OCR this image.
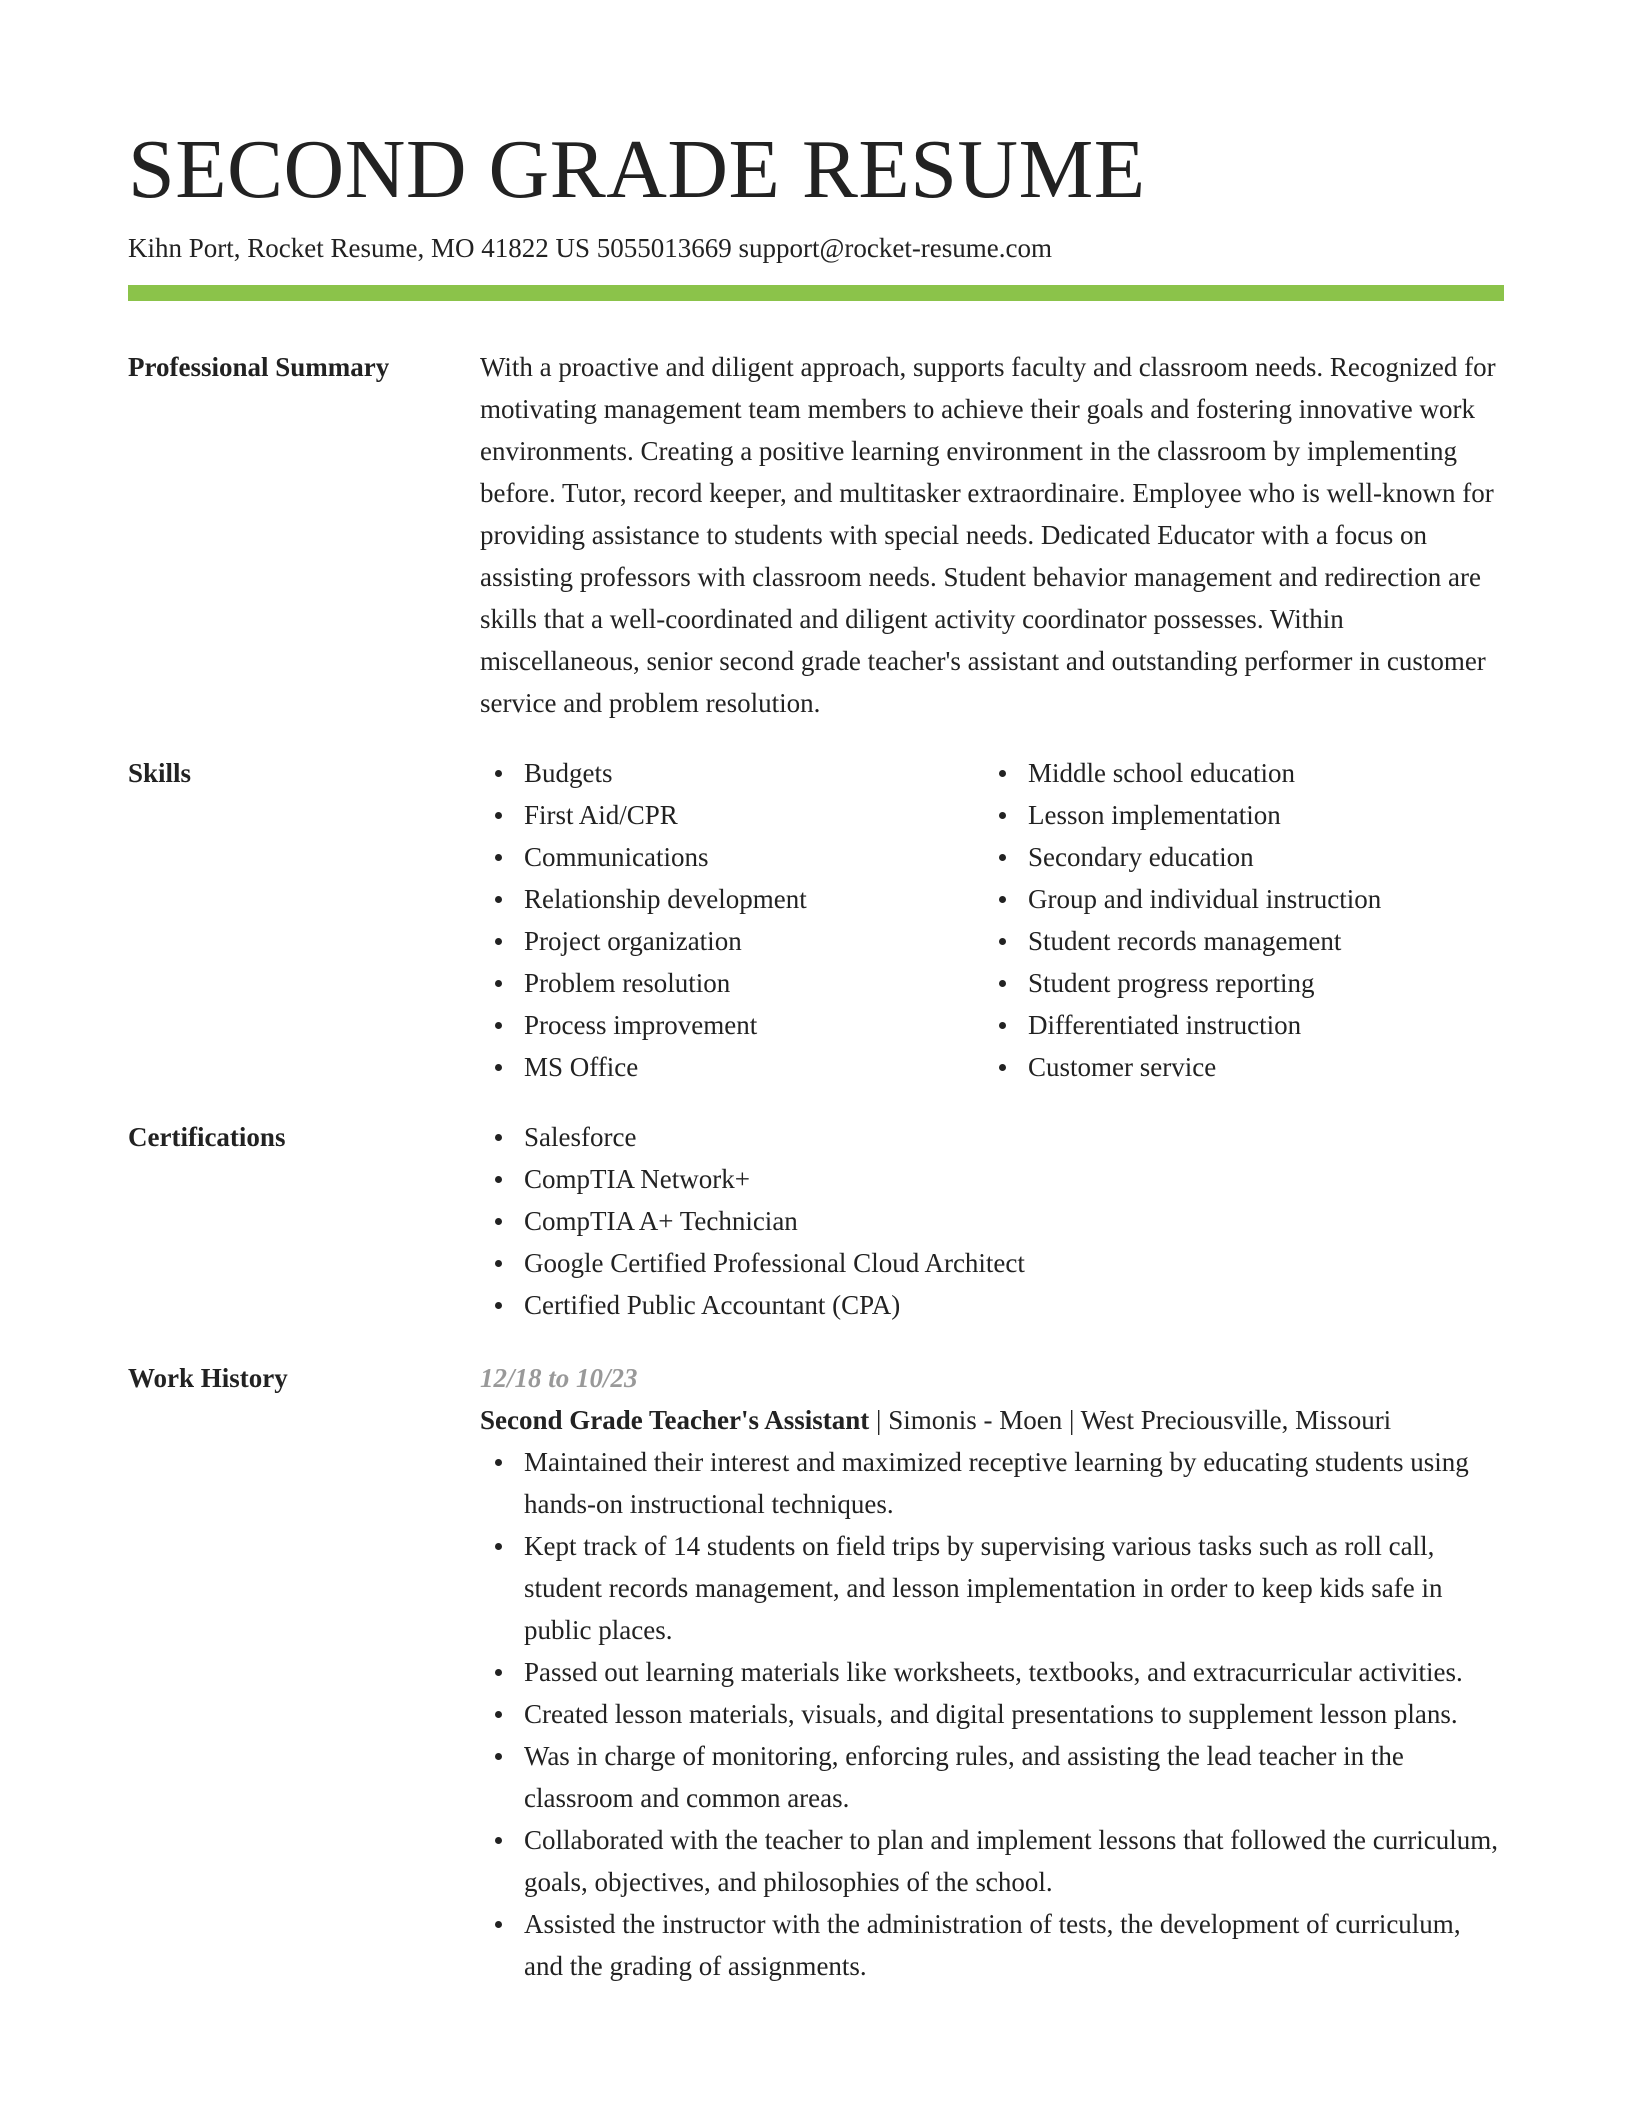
SECOND GRADE RESUME
Kihn Port, Rocket Resume, MO 41822 US 5055013669 support@rocket-resume.com
Professional Summary	With a proactive and diligent approach, supports faculty and classroom needs. Recognized for motivating management team members to achieve their goals and fostering innovative work environments. Creating a positive learning environment in the classroom by implementing before. Tutor, record keeper, and multitasker extraordinaire. Employee who is well-known for providing assistance to students with special needs. Dedicated Educator with a focus on assisting professors with classroom needs. Student behavior management and redirection are skills that a well-coordinated and diligent activity coordinator possesses. Within miscellaneous, senior second grade teacher's assistant and outstanding performer in customer service and problem resolution.

Skills	Budgets
First Aid/CPR
Communications
Relationship development
Project organization
Problem resolution
Process improvement
MS Office
Middle school education
Lesson implementation
Secondary education
Group and individual instruction
Student records management
Student progress reporting
Differentiated instruction
Customer service
Certifications	Salesforce
CompTIA Network+
CompTIA A+ Technician
Google Certified Professional Cloud Architect
Certified Public Accountant (CPA)
Work History	12/18 to 10/23
Second Grade Teacher's Assistant | Simonis - Moen | West Preciousville, Missouri
Maintained their interest and maximized receptive learning by educating students using hands-on instructional techniques.
Kept track of 14 students on field trips by supervising various tasks such as roll call, student records management, and lesson implementation in order to keep kids safe in public places.
Passed out learning materials like worksheets, textbooks, and extracurricular activities.
Created lesson materials, visuals, and digital presentations to supplement lesson plans.
Was in charge of monitoring, enforcing rules, and assisting the lead teacher in the classroom and common areas.
Collaborated with the teacher to plan and implement lessons that followed the curriculum, goals, objectives, and philosophies of the school.
Assisted the instructor with the administration of tests, the development of curriculum, and the grading of assignments.
